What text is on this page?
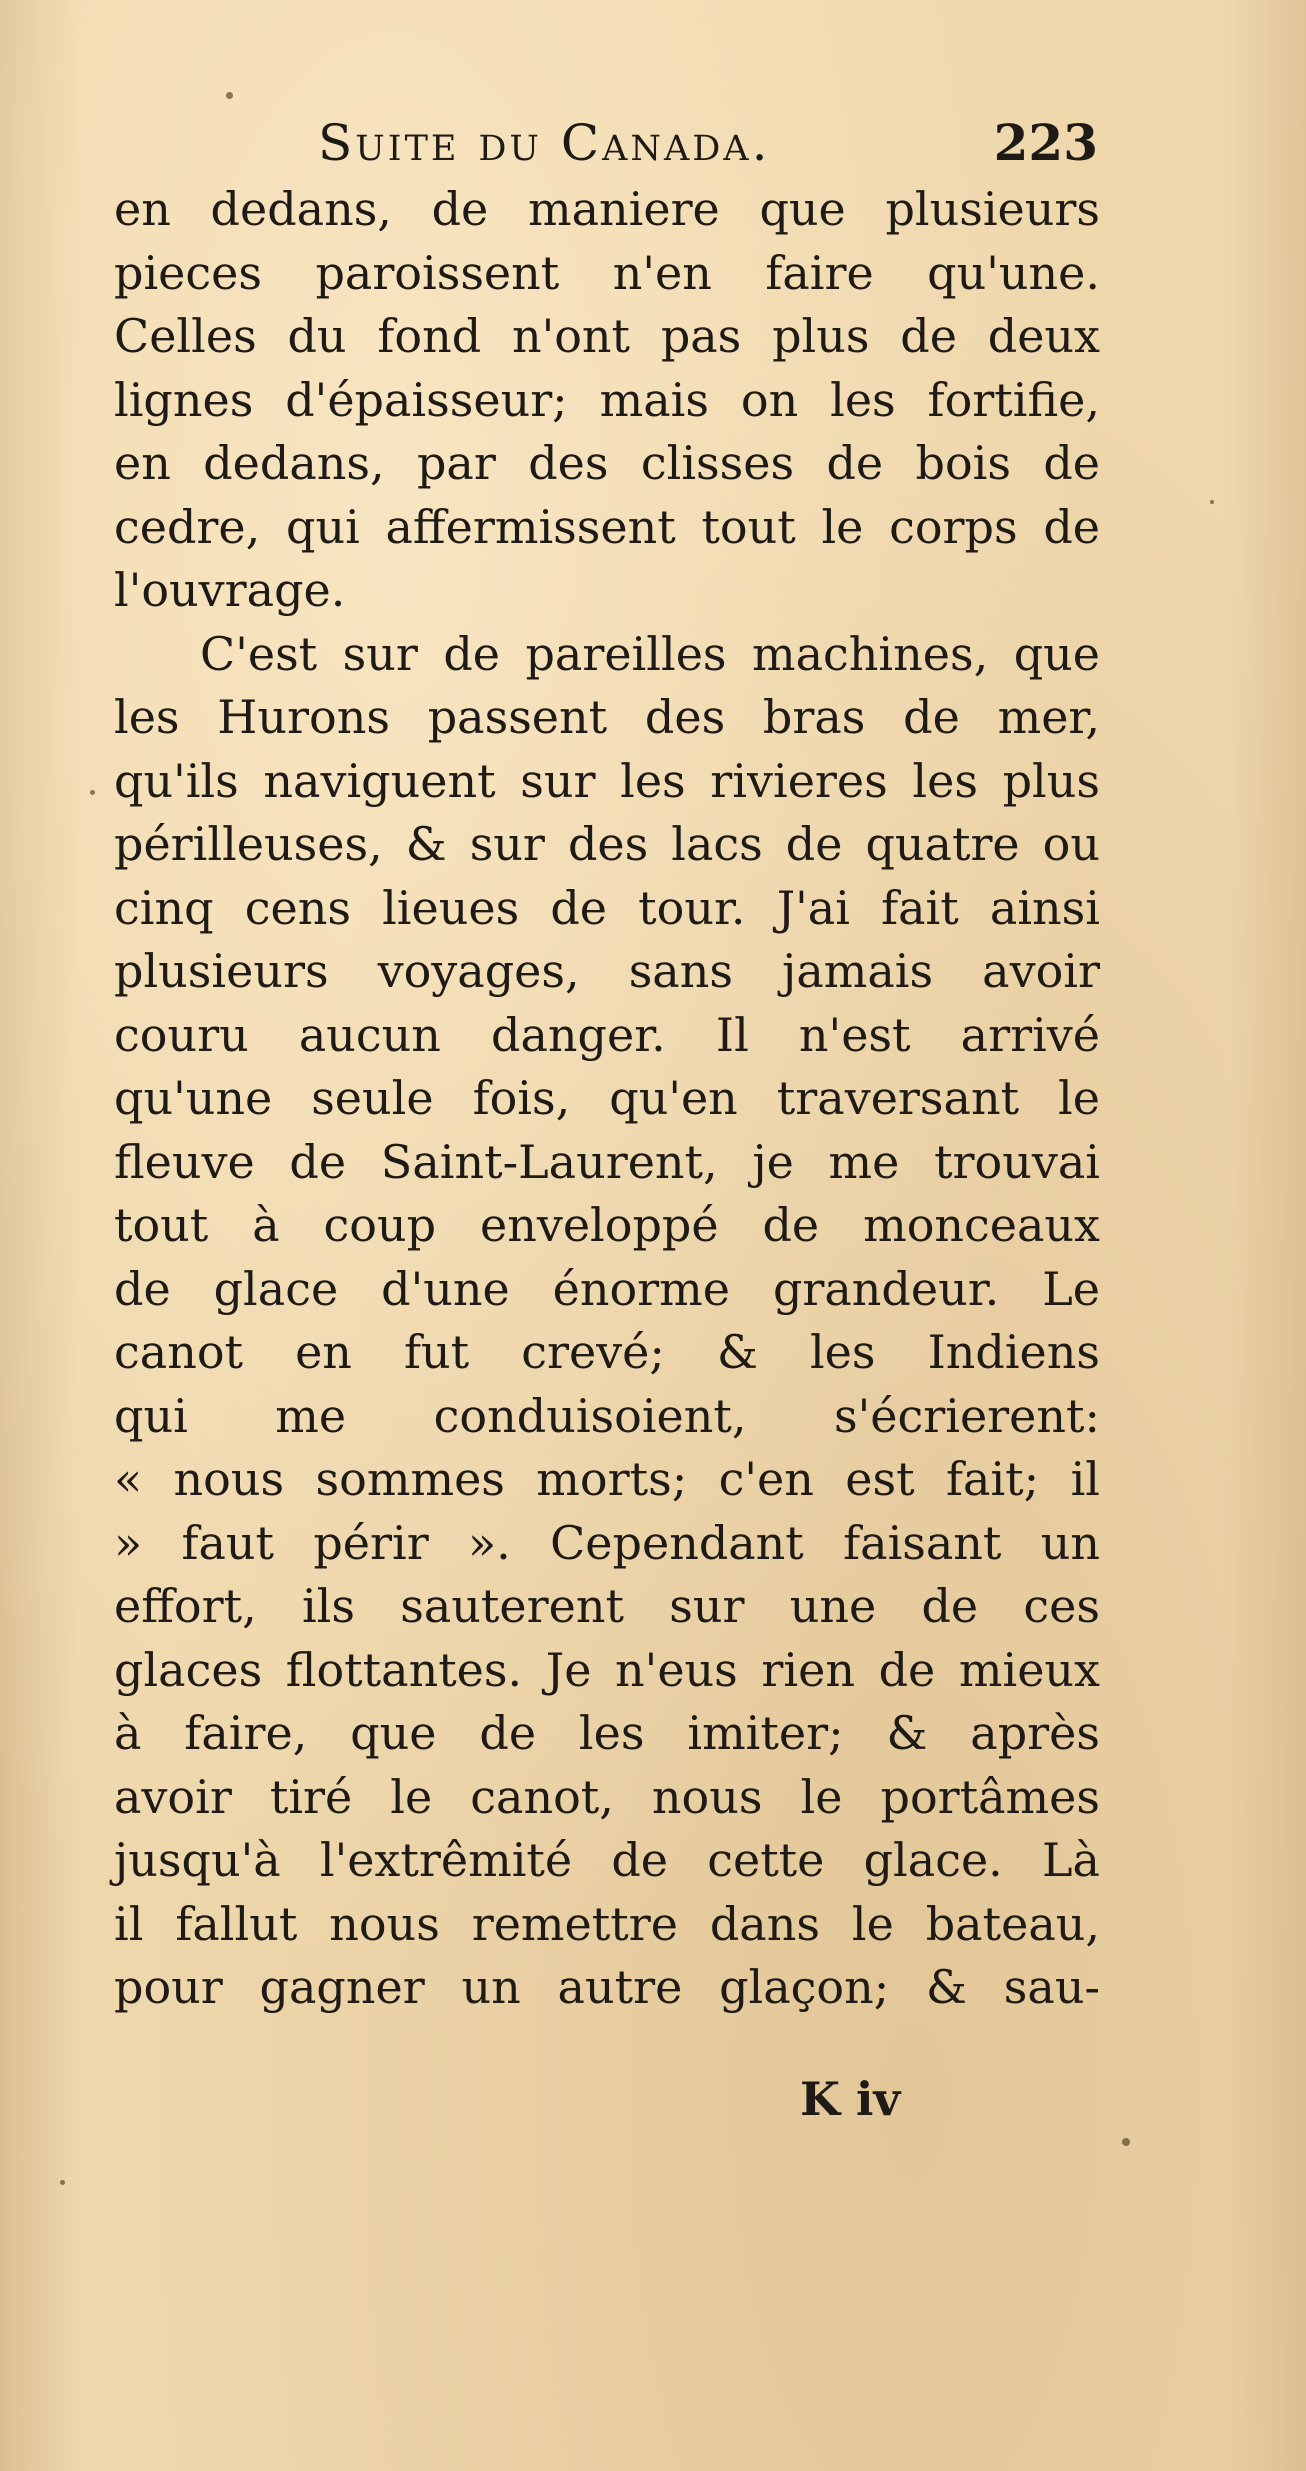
Suite du Canada.	223
en dedans, de maniere que plusieurs
pieces paroissent n'en faire qu'une.
Celles du fond n'ont pas plus de deux
lignes d'épaisseur; mais on les fortifie,
en dedans, par des clisses de bois de
cedre, qui affermissent tout le corps de
l'ouvrage.
C'est sur de pareilles machines, que
les Hurons passent des bras de mer,
qu'ils naviguent sur les rivieres les plus
périlleuses, & sur des lacs de quatre ou
cinq cens lieues de tour. J'ai fait ainsi
plusieurs voyages, sans jamais avoir
couru aucun danger. Il n'est arrivé
qu'une seule fois, qu'en traversant le
fleuve de Saint-Laurent, je me trouvai
tout à coup enveloppé de monceaux
de glace d'une énorme grandeur. Le
canot en fut crevé; & les Indiens
qui me conduisoient, s'écrierent:
« nous sommes morts; c'en est fait; il
» faut périr ». Cependant faisant un
effort, ils sauterent sur une de ces
glaces flottantes. Je n'eus rien de mieux
à faire, que de les imiter; & après
avoir tiré le canot, nous le portâmes
jusqu'à l'extrêmité de cette glace. Là
il fallut nous remettre dans le bateau,
pour gagner un autre glaçon; & sau-
K iv
